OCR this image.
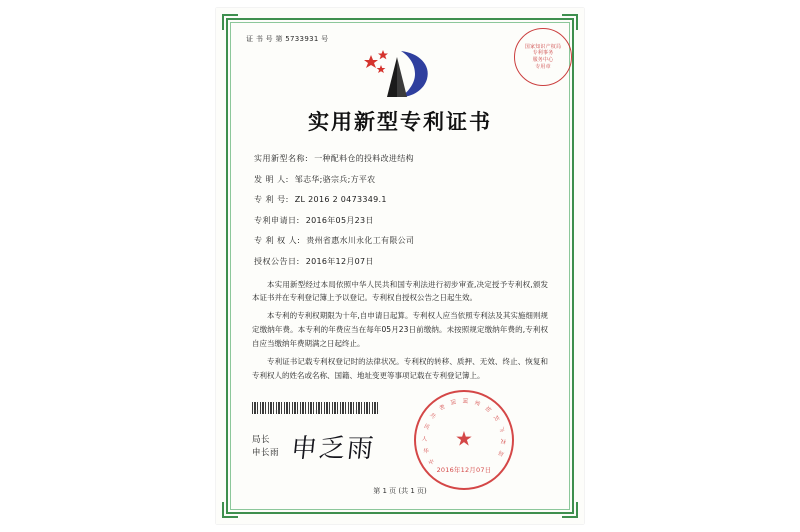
证 书 号 第 5733931 号
实用新型专利证书
实用新型名称: 一种配料仓的投料改进结构
发 明 人: 邹志华;骆宗兵;方平农
专 利 号: ZL 2016 2 0473349.1
专利申请日: 2016年05月23日
专 利 权 人: 贵州省惠水川永化工有限公司
授权公告日: 2016年12月07日

本实用新型经过本局依照中华人民共和国专利法进行初步审查,决定授予专利权,颁发本证书并在专利登记簿上予以登记。专利权自授权公告之日起生效。

本专利的专利权期限为十年,自申请日起算。专利权人应当依照专利法及其实施细则规定缴纳年费。本专利的年费应当在每年05月23日前缴纳。未按照规定缴纳年费的,专利权自应当缴纳年费期满之日起终止。

专利证书记载专利权登记时的法律状况。专利权的转移、质押、无效、终止、恢复和专利权人的姓名或名称、国籍、地址变更等事项记载在专利登记簿上。

局长
申长雨 申乏雨
第 1 页 (共 1 页)
国家知识产权局
专利事务
服务中心
专用章
中
华
人
民
共
和
国 国 家
知
识
产
权
局
★
2016年12月07日
